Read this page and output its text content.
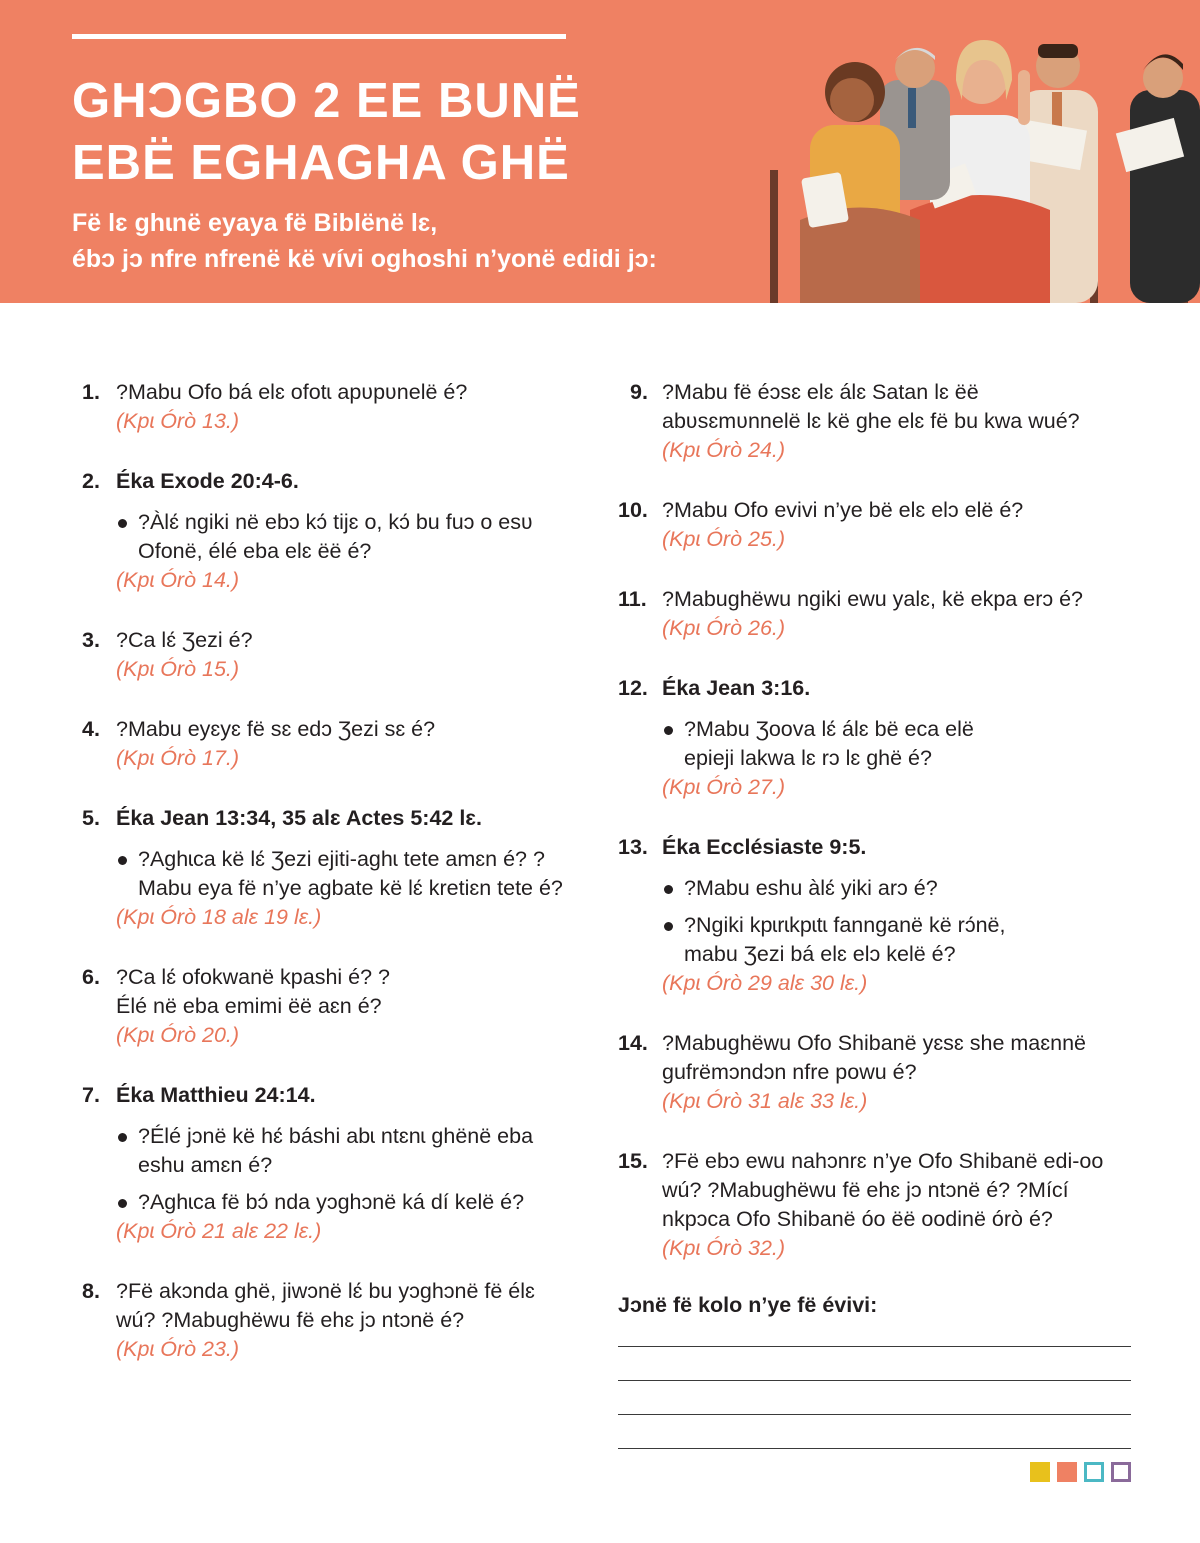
GHƆGBO 2 EE BUNË
EBË EGHAGHA GHË
Fë lɛ ghɩnë eyaya fë Biblënë lɛ,
ébɔ jɔ nfre nfrenë kë vívi oghoshi n’yonë edidi jɔ:
1. ?Mabu Ofo bá elɛ ofotɩ apʋpʋnelë é?
(Kpɩ Órò 13.)
2. Éka Exode 20:4-6.
?Àlɛ́ ngiki në ebɔ kɔ́ tijɛ o, kɔ́ bu fuɔ o esʋ Ofonë, élé eba elɛ ëë é?
(Kpɩ Órò 14.)
3. ?Ca lɛ́ Ʒezi é?
(Kpɩ Órò 15.)
4. ?Mabu eyɛyɛ fë sɛ edɔ Ʒezi sɛ é?
(Kpɩ Órò 17.)
5. Éka Jean 13:34, 35 alɛ Actes 5:42 lɛ.
?Aghɩca kë lɛ́ Ʒezi ejiti-aghɩ tete amɛn é? ?Mabu eya fë n’ye agbate kë lɛ́ kretiɛn tete é?
(Kpɩ Órò 18 alɛ 19 lɛ.)
6. ?Ca lɛ́ ofokwanë kpashi é? ?Élé në eba emimi ëë aɛn é?
(Kpɩ Órò 20.)
7. Éka Matthieu 24:14.
?Élé jɔnë kë hɛ́ báshi abɩ ntɛnɩ ghënë eba eshu amɛn é?
?Aghɩca fë bɔ́ nda yɔghɔnë ká dí kelë é?
(Kpɩ Órò 21 alɛ 22 lɛ.)
8. ?Fë akɔnda ghë, jiwɔnë lɛ́ bu yɔghɔnë fë élɛ wú? ?Mabughëwu fë ehɛ jɔ ntɔnë é?
(Kpɩ Órò 23.)
9. ?Mabu fë éɔsɛ elɛ álɛ Satan lɛ ëë abʋsɛmʋnnelë lɛ kë ghe elɛ fë bu kwa wué?
(Kpɩ Órò 24.)
10. ?Mabu Ofo evivi n’ye bë elɛ elɔ elë é?
(Kpɩ Órò 25.)
11. ?Mabughëwu ngiki ewu yalɛ, kë ekpa erɔ é?
(Kpɩ Órò 26.)
12. Éka Jean 3:16.
?Mabu Ʒoova lɛ́ álɛ bë eca elë epieji lakwa lɛ rɔ lɛ ghë é?
(Kpɩ Órò 27.)
13. Éka Ecclésiaste 9:5.
?Mabu eshu àlɛ́ yiki arɔ é?
?Ngiki kpɩrɩkpɩtɩ fannganë kë rɔ́në, mabu Ʒezi bá elɛ elɔ kelë é?
(Kpɩ Órò 29 alɛ 30 lɛ.)
14. ?Mabughëwu Ofo Shibanë yɛsɛ she maɛnnë gufrëmɔndɔn nfre powu é?
(Kpɩ Órò 31 alɛ 33 lɛ.)
15. ?Fë ebɔ ewu nahɔnrɛ n’ye Ofo Shibanë edi-oo wú? ?Mabughëwu fë ehɛ jɔ ntɔnë é? ?Mící nkpɔca Ofo Shibanë óo ëë oodinë órò é?
(Kpɩ Órò 32.)
Jɔnë fë kolo n’ye fë évivi:
